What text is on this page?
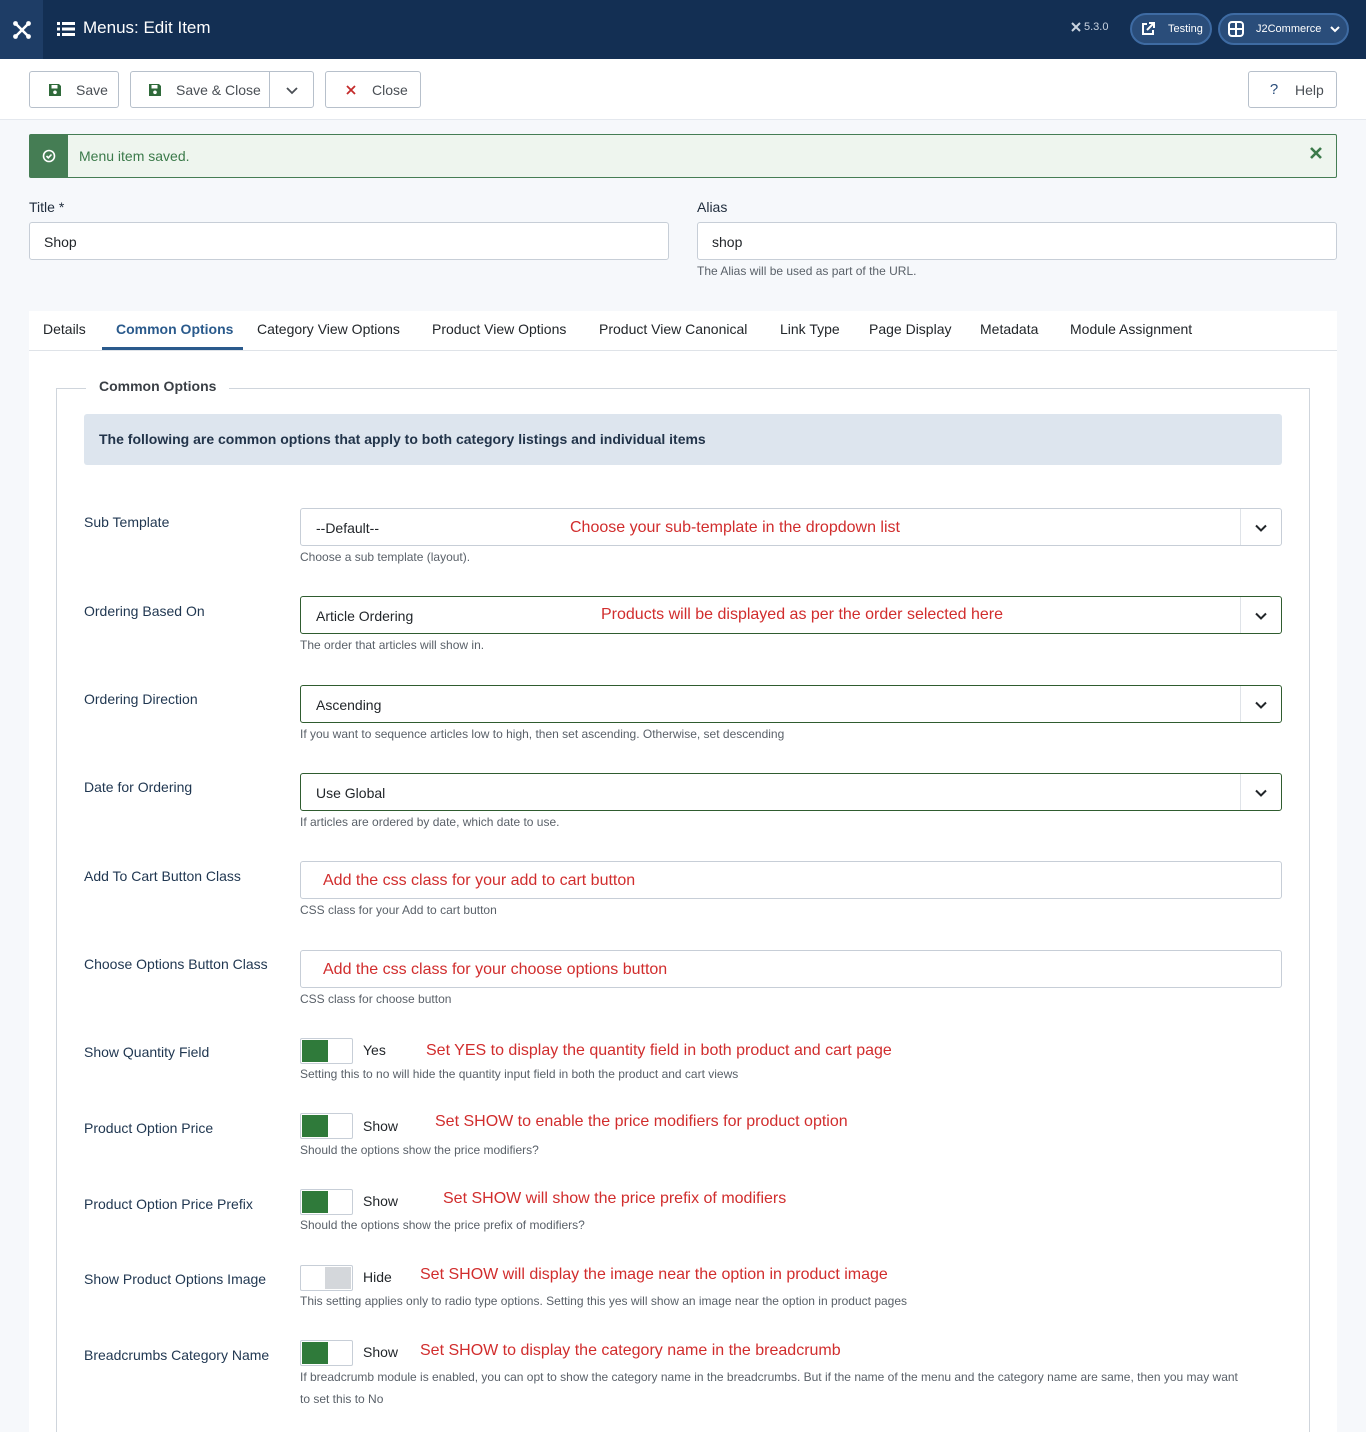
Menus: Edit Item	5.3.0	Testing	J2Commerce
Save	Save & Close	Close	? Help
Menu item saved.
Title *
Shop
Alias
shop
The Alias will be used as part of the URL.
Details Common Options Category View Options Product View Options Product View Canonical Link Type Page Display Metadata Module Assignment
Common Options
The following are common options that apply to both category listings and individual items
Sub Template	--Default--	Choose your sub-template in the dropdown list
Choose a sub template (layout).
Ordering Based On	Article Ordering	Products will be displayed as per the order selected here
The order that articles will show in.
Ordering Direction	Ascending
If you want to sequence articles low to high, then set ascending. Otherwise, set descending
Date for Ordering	Use Global
If articles are ordered by date, which date to use.
Add To Cart Button Class	Add the css class for your add to cart button
CSS class for your Add to cart button
Choose Options Button Class	Add the css class for your choose options button
CSS class for choose button
Show Quantity Field	Yes	Set YES to display the quantity field in both product and cart page
Setting this to no will hide the quantity input field in both the product and cart views
Product Option Price	Show Set SHOW to enable the price modifiers for product option
Should the options show the price modifiers?
Product Option Price Prefix	Show	Set SHOW will show the price prefix of modifiers
Should the options show the price prefix of modifiers?
Show Product Options Image	Hide Set SHOW will display the image near the option in product image
This setting applies only to radio type options. Setting this yes will show an image near the option in product pages
Breadcrumbs Category Name	Show Set SHOW to display the category name in the breadcrumb
If breadcrumb module is enabled, you can opt to show the category name in the breadcrumbs. But if the name of the menu and the category name are same, then you may want
to set this to No
